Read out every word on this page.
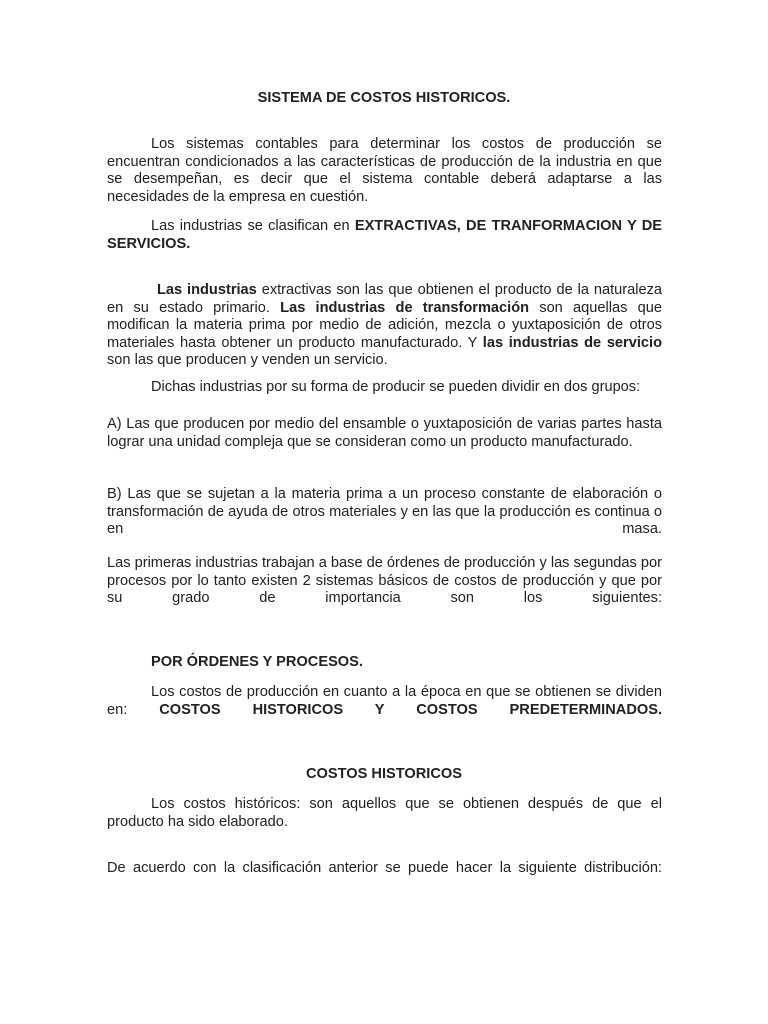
SISTEMA DE COSTOS HISTORICOS.

Los sistemas contables para determinar los costos de producción se encuentran condicionados a las características de producción de la industria en que se desempeñan, es decir que el sistema contable deberá adaptarse a las necesidades de la empresa en cuestión.

Las industrias se clasifican en EXTRACTIVAS, DE TRANFORMACION Y DE SERVICIOS.

Las industrias extractivas son las que obtienen el producto de la naturaleza en su estado primario. Las industrias de transformación son aquellas que modifican la materia prima por medio de adición, mezcla o yuxtaposición de otros materiales hasta obtener un producto manufacturado. Y las industrias de servicio son las que producen y venden un servicio.

Dichas industrias por su forma de producir se pueden dividir en dos grupos:

A) Las que producen por medio del ensamble o yuxtaposición de varias partes hasta lograr una unidad compleja que se consideran como un producto manufacturado.

B) Las que se sujetan a la materia prima a un proceso constante de elaboración o transformación de ayuda de otros materiales y en las que la producción es continua o en masa.

Las primeras industrias trabajan a base de órdenes de producción y las segundas por procesos por lo tanto existen 2 sistemas básicos de costos de producción y que por su grado de importancia son los siguientes:

POR ÓRDENES Y PROCESOS.

Los costos de producción en cuanto a la época en que se obtienen se dividen en: COSTOS HISTORICOS Y COSTOS PREDETERMINADOS.

COSTOS HISTORICOS

Los costos históricos: son aquellos que se obtienen después de que el producto ha sido elaborado.

De acuerdo con la clasificación anterior se puede hacer la siguiente distribución:
